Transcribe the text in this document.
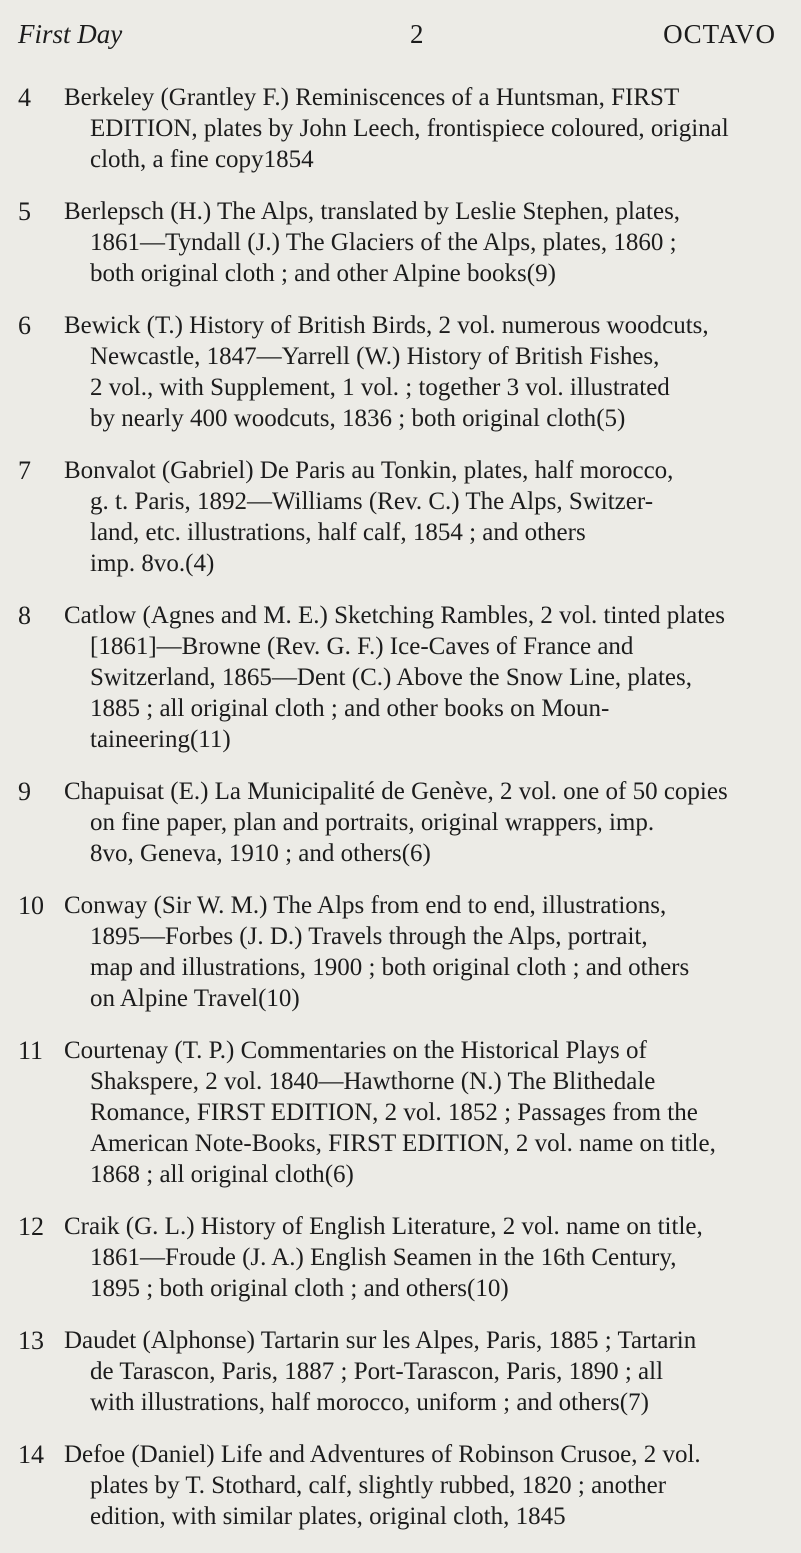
First Day	2	OCTAVO
4	Berkeley (Grantley F.) Reminiscences of a Huntsman, FIRST
EDITION, plates by John Leech, frontispiece coloured, original
cloth, a fine copy1854
5	Berlepsch (H.) The Alps, translated by Leslie Stephen, plates,
1861—Tyndall (J.) The Glaciers of the Alps, plates, 1860 ;
both original cloth ; and other Alpine books(9)
6	Bewick (T.) History of British Birds, 2 vol. numerous woodcuts,
Newcastle, 1847—Yarrell (W.) History of British Fishes,
2 vol., with Supplement, 1 vol. ; together 3 vol. illustrated
by nearly 400 woodcuts, 1836 ; both original cloth(5)
7	Bonvalot (Gabriel) De Paris au Tonkin, plates, half morocco,
g. t. Paris, 1892—Williams (Rev. C.) The Alps, Switzer-
land, etc. illustrations, half calf, 1854 ; and others
imp. 8vo.(4)
8	Catlow (Agnes and M. E.) Sketching Rambles, 2 vol. tinted plates
[1861]—Browne (Rev. G. F.) Ice-Caves of France and
Switzerland, 1865—Dent (C.) Above the Snow Line, plates,
1885 ; all original cloth ; and other books on Moun-
taineering(11)
9	Chapuisat (E.) La Municipalité de Genève, 2 vol. one of 50 copies
on fine paper, plan and portraits, original wrappers, imp.
8vo, Geneva, 1910 ; and others(6)
10 Conway (Sir W. M.) The Alps from end to end, illustrations,
1895—Forbes (J. D.) Travels through the Alps, portrait,
map and illustrations, 1900 ; both original cloth ; and others
on Alpine Travel(10)
11 Courtenay (T. P.) Commentaries on the Historical Plays of
Shakspere, 2 vol. 1840—Hawthorne (N.) The Blithedale
Romance, FIRST EDITION, 2 vol. 1852 ; Passages from the
American Note-Books, FIRST EDITION, 2 vol. name on title,
1868 ; all original cloth(6)
12 Craik (G. L.) History of English Literature, 2 vol. name on title,
1861—Froude (J. A.) English Seamen in the 16th Century,
1895 ; both original cloth ; and others(10)
13 Daudet (Alphonse) Tartarin sur les Alpes, Paris, 1885 ; Tartarin
de Tarascon, Paris, 1887 ; Port-Tarascon, Paris, 1890 ; all
with illustrations, half morocco, uniform ; and others(7)
14 Defoe (Daniel) Life and Adventures of Robinson Crusoe, 2 vol.
plates by T. Stothard, calf, slightly rubbed, 1820 ; another
edition, with similar plates, original cloth, 1845
